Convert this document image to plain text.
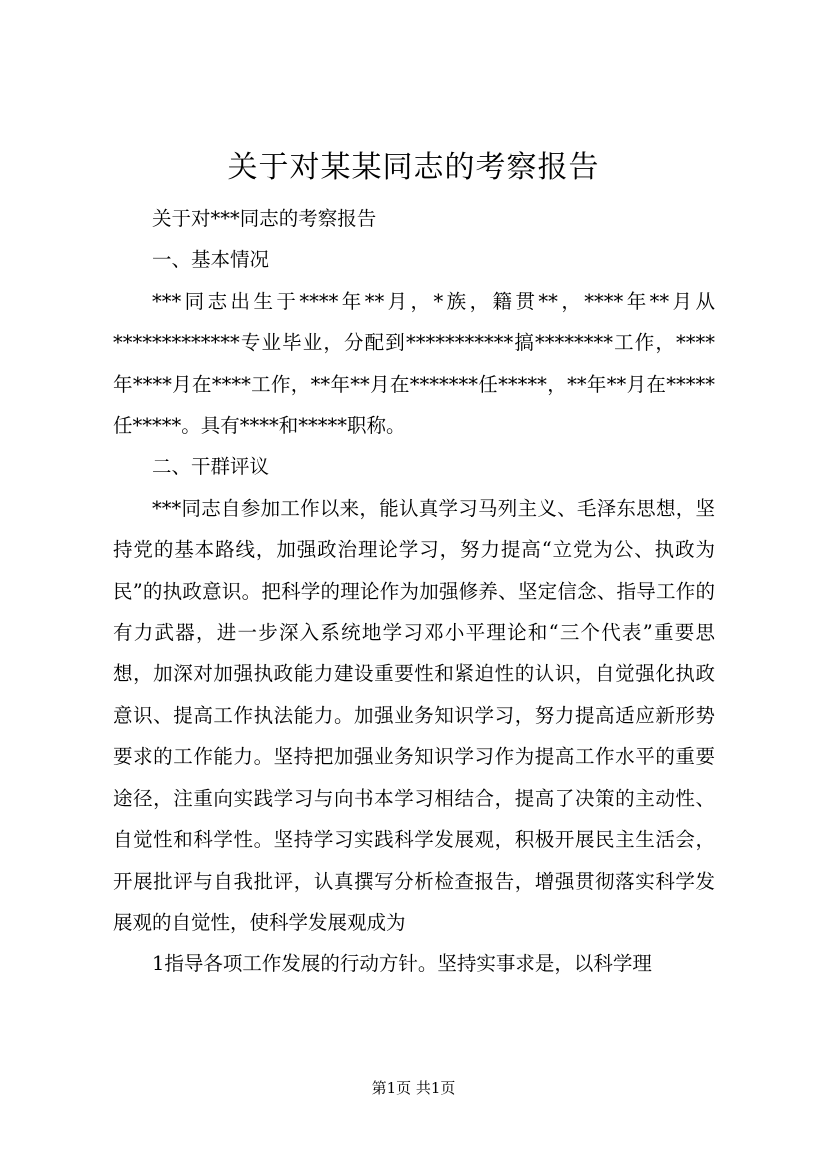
关于对某某同志的考察报告

关于对***同志的考察报告

一、基本情况

***同志出生于****年**月，*族，籍贯**，****年**月从*************专业毕业，分配到***********搞********工作，****年****月在****工作，**年**月在*******任*****，**年**月在*****任*****。具有****和*****职称。

二、干群评议

***同志自参加工作以来，能认真学习马列主义、毛泽东思想，坚持党的基本路线，加强政治理论学习，努力提高“立党为公、执政为民”的执政意识。把科学的理论作为加强修养、坚定信念、指导工作的有力武器，进一步深入系统地学习邓小平理论和“三个代表”重要思想，加深对加强执政能力建设重要性和紧迫性的认识，自觉强化执政意识、提高工作执法能力。加强业务知识学习，努力提高适应新形势要求的工作能力。坚持把加强业务知识学习作为提高工作水平的重要途径，注重向实践学习与向书本学习相结合，提高了决策的主动性、自觉性和科学性。坚持学习实践科学发展观，积极开展民主生活会，开展批评与自我批评，认真撰写分析检查报告，增强贯彻落实科学发展观的自觉性，使科学发展观成为

1指导各项工作发展的行动方针。坚持实事求是，以科学理

第1页 共1页
